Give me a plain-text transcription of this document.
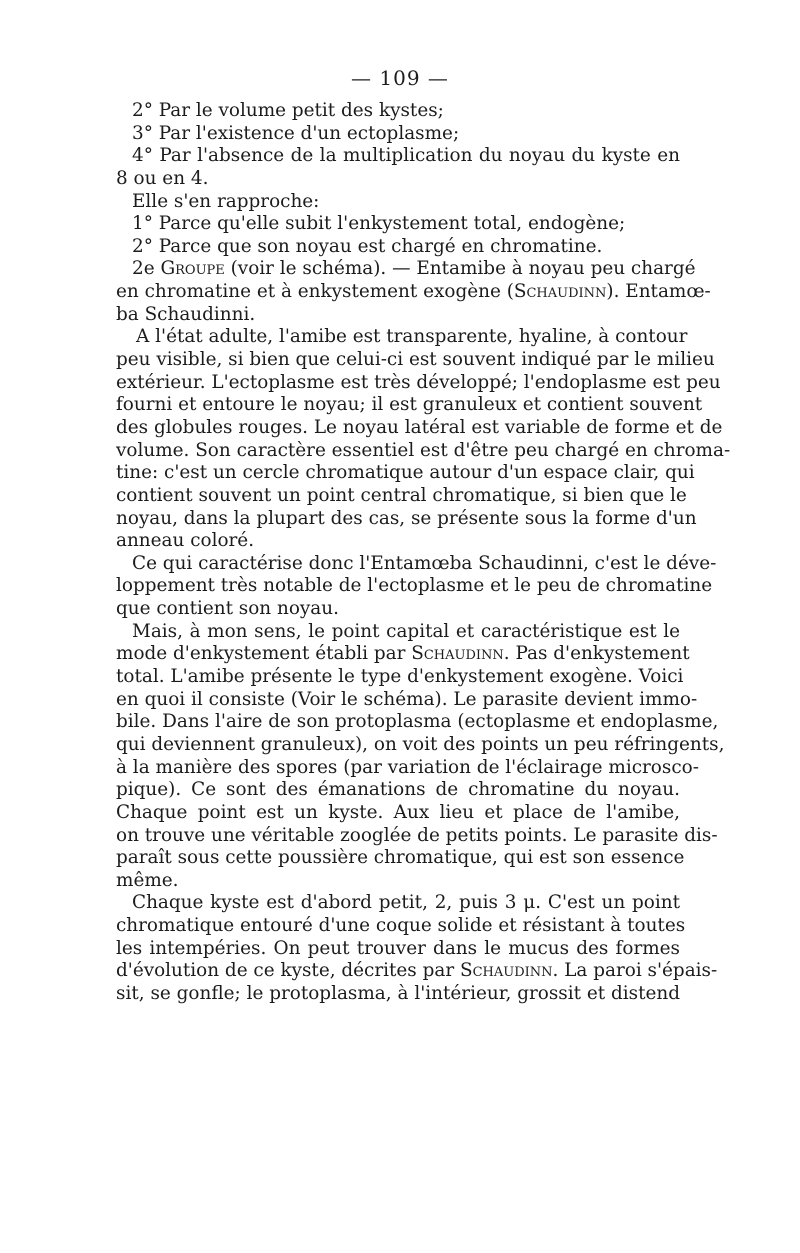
— 109 —
2° Par le volume petit des kystes;
3° Par l'existence d'un ectoplasme;
4° Par l'absence de la multiplication du noyau du kyste en
8 ou en 4.
Elle s'en rapproche:
1° Parce qu'elle subit l'enkystement total, endogène;
2° Parce que son noyau est chargé en chromatine.
2e Groupe (voir le schéma). — Entamibe à noyau peu chargé
en chromatine et à enkystement exogène (Schaudinn). Entamœ-
ba Schaudinni.
A l'état adulte, l'amibe est transparente, hyaline, à contour
peu visible, si bien que celui-ci est souvent indiqué par le milieu
extérieur. L'ectoplasme est très développé; l'endoplasme est peu
fourni et entoure le noyau; il est granuleux et contient souvent
des globules rouges. Le noyau latéral est variable de forme et de
volume. Son caractère essentiel est d'être peu chargé en chroma-
tine: c'est un cercle chromatique autour d'un espace clair, qui
contient souvent un point central chromatique, si bien que le
noyau, dans la plupart des cas, se présente sous la forme d'un
anneau coloré.
Ce qui caractérise donc l'Entamœba Schaudinni, c'est le déve-
loppement très notable de l'ectoplasme et le peu de chromatine
que contient son noyau.
Mais, à mon sens, le point capital et caractéristique est le
mode d'enkystement établi par Schaudinn. Pas d'enkystement
total. L'amibe présente le type d'enkystement exogène. Voici
en quoi il consiste (Voir le schéma). Le parasite devient immo-
bile. Dans l'aire de son protoplasma (ectoplasme et endoplasme,
qui deviennent granuleux), on voit des points un peu réfringents,
à la manière des spores (par variation de l'éclairage microsco-
pique). Ce sont des émanations de chromatine du noyau.
Chaque point est un kyste. Aux lieu et place de l'amibe,
on trouve une véritable zooglée de petits points. Le parasite dis-
paraît sous cette poussière chromatique, qui est son essence
même.
Chaque kyste est d'abord petit, 2, puis 3 μ. C'est un point
chromatique entouré d'une coque solide et résistant à toutes
les intempéries. On peut trouver dans le mucus des formes
d'évolution de ce kyste, décrites par Schaudinn. La paroi s'épais-
sit, se gonfle; le protoplasma, à l'intérieur, grossit et distend
